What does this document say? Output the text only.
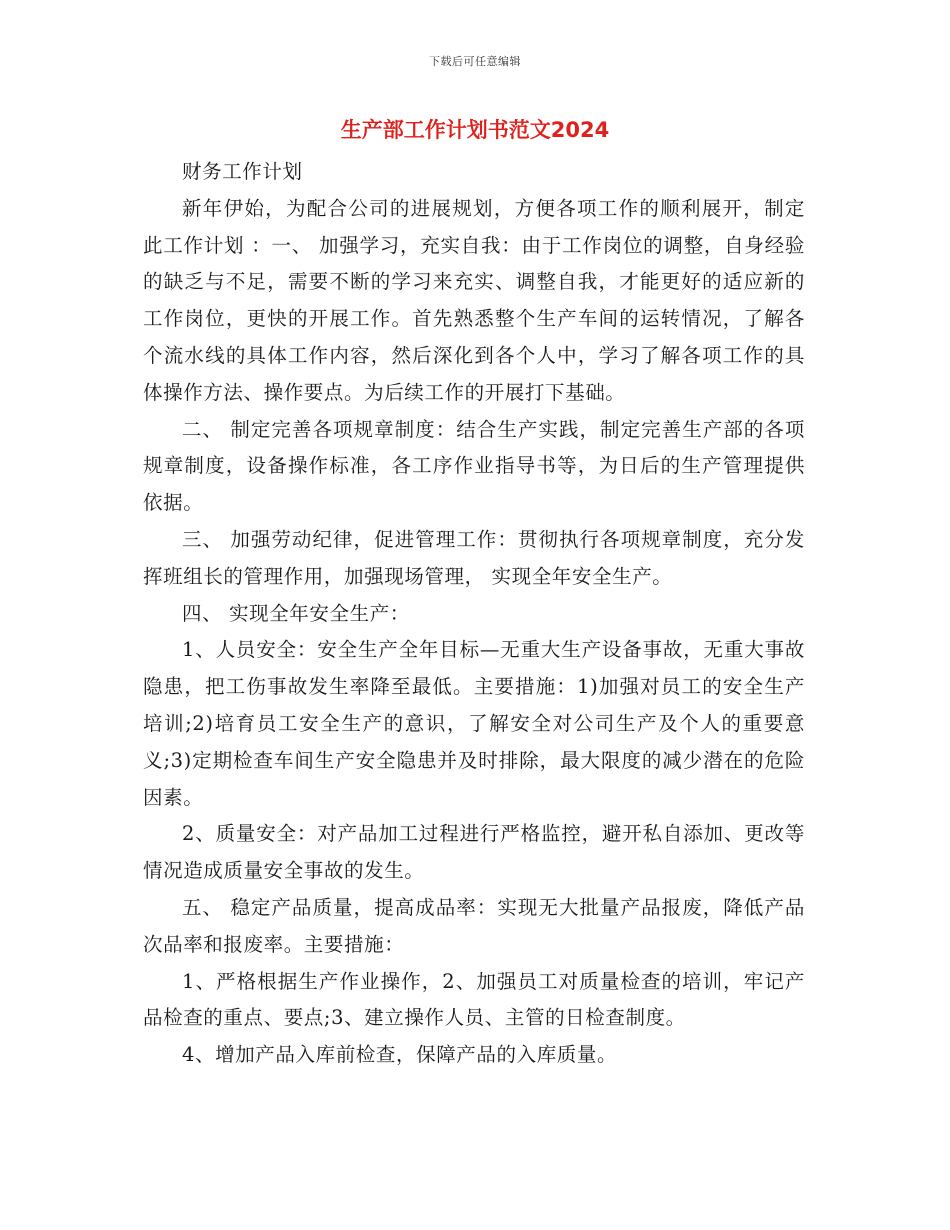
下载后可任意编辑
生产部工作计划书范文2024

财务工作计划

新年伊始，为配合公司的进展规划，方便各项工作的顺利展开，制定此工作计划 ：一、 加强学习，充实自我：由于工作岗位的调整，自身经验的缺乏与不足，需要不断的学习来充实、调整自我，才能更好的适应新的工作岗位，更快的开展工作。首先熟悉整个生产车间的运转情况，了解各个流水线的具体工作内容，然后深化到各个人中，学习了解各项工作的具体操作方法、操作要点。为后续工作的开展打下基础。

二、 制定完善各项规章制度：结合生产实践，制定完善生产部的各项规章制度，设备操作标准，各工序作业指导书等，为日后的生产管理提供依据。

三、 加强劳动纪律，促进管理工作：贯彻执行各项规章制度，充分发挥班组长的管理作用，加强现场管理， 实现全年安全生产。

四、 实现全年安全生产：

1、人员安全：安全生产全年目标—无重大生产设备事故，无重大事故隐患，把工伤事故发生率降至最低。主要措施：1)加强对员工的安全生产培训;2)培育员工安全生产的意识，了解安全对公司生产及个人的重要意义;3)定期检查车间生产安全隐患并及时排除，最大限度的减少潜在的危险因素。

2、质量安全：对产品加工过程进行严格监控，避开私自添加、更改等情况造成质量安全事故的发生。

五、 稳定产品质量，提高成品率：实现无大批量产品报废，降低产品次品率和报废率。主要措施：

1、严格根据生产作业操作，2、加强员工对质量检查的培训，牢记产品检查的重点、要点;3、建立操作人员、主管的日检查制度。

4、增加产品入库前检查，保障产品的入库质量。
